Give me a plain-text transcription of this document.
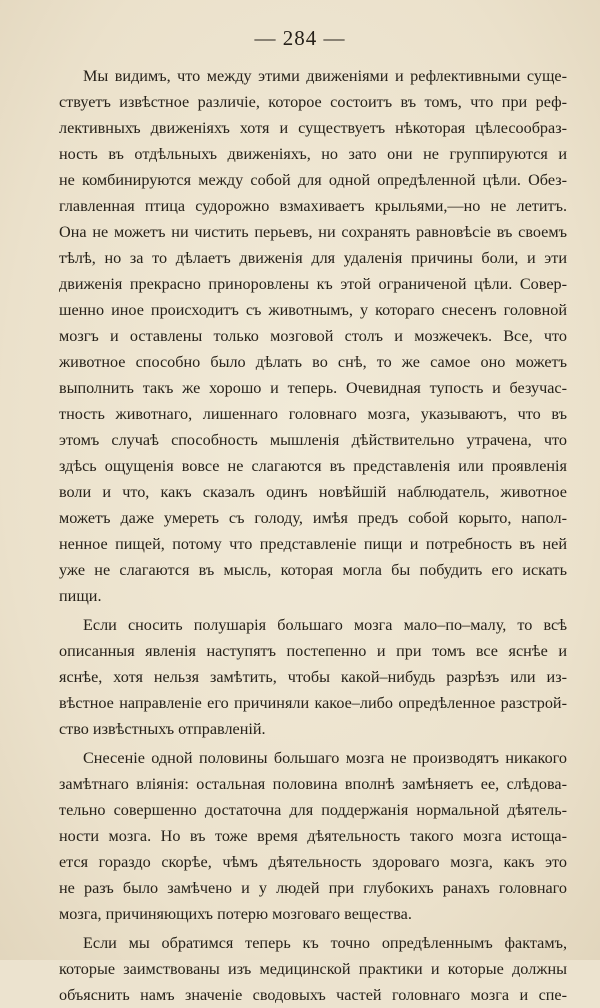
— 284 —
Мы видимъ, что между этими движеніями и рефлективными суще-
ствуетъ извѣстное различіе, которое состоитъ въ томъ, что при реф-
лективныхъ движеніяхъ хотя и существуетъ нѣкоторая цѣлесообраз-
ность въ отдѣльныхъ движеніяхъ, но зато они не группируются и
не комбинируются между собой для одной опредѣленной цѣли. Обез-
главленная птица судорожно взмахиваетъ крыльями,—но не летитъ.
Она не можетъ ни чистить перьевъ, ни сохранять равновѣсіе въ своемъ
тѣлѣ, но за то дѣлаетъ движенія для удаленія причины боли, и эти
движенія прекрасно приноровлены къ этой ограниченой цѣли. Совер-
шенно иное происходитъ съ животнымъ, у котораго снесенъ головной
мозгъ и оставлены только мозговой столъ и мозжечекъ. Все, что
животное способно было дѣлать во снѣ, то же самое оно можетъ
выполнить такъ же хорошо и теперь. Очевидная тупость и безучас-
тность животнаго, лишеннаго головнаго мозга, указываютъ, что въ
этомъ случаѣ способность мышленія дѣйствительно утрачена, что
здѣсь ощущенія вовсе не слагаются въ представленія или проявленія
воли и что, какъ сказалъ одинъ новѣйшій наблюдатель, животное
можетъ даже умереть съ голоду, имѣя предъ собой корыто, напол-
ненное пищей, потому что представленіе пищи и потребность въ ней
уже не слагаются въ мысль, которая могла бы побудить его искать
пищи.
Если сносить полушарія большаго мозга мало–по–малу, то всѣ
описанныя явленія наступятъ постепенно и при томъ все яснѣе и
яснѣе, хотя нельзя замѣтить, чтобы какой–нибудь разрѣзъ или из-
вѣстное направленіе его причиняли какое–либо опредѣленное разстрой-
ство извѣстныхъ отправленій.
Снесеніе одной половины большаго мозга не производятъ никакого
замѣтнаго вліянія: остальная половина вполнѣ замѣняетъ ее, слѣдова-
тельно совершенно достаточна для поддержанія нормальной дѣятель-
ности мозга. Но въ тоже время дѣятельность такого мозга истоща-
ется гораздо скорѣе, чѣмъ дѣятельность здороваго мозга, какъ это
не разъ было замѣчено и у людей при глубокихъ ранахъ головнаго
мозга, причиняющихъ потерю мозговаго вещества.
Если мы обратимся теперь къ точно опредѣленнымъ фактамъ,
которые заимствованы изъ медицинской практики и которые должны
объяснить намъ значеніе сводовыхъ частей головнаго мозга и спе-
